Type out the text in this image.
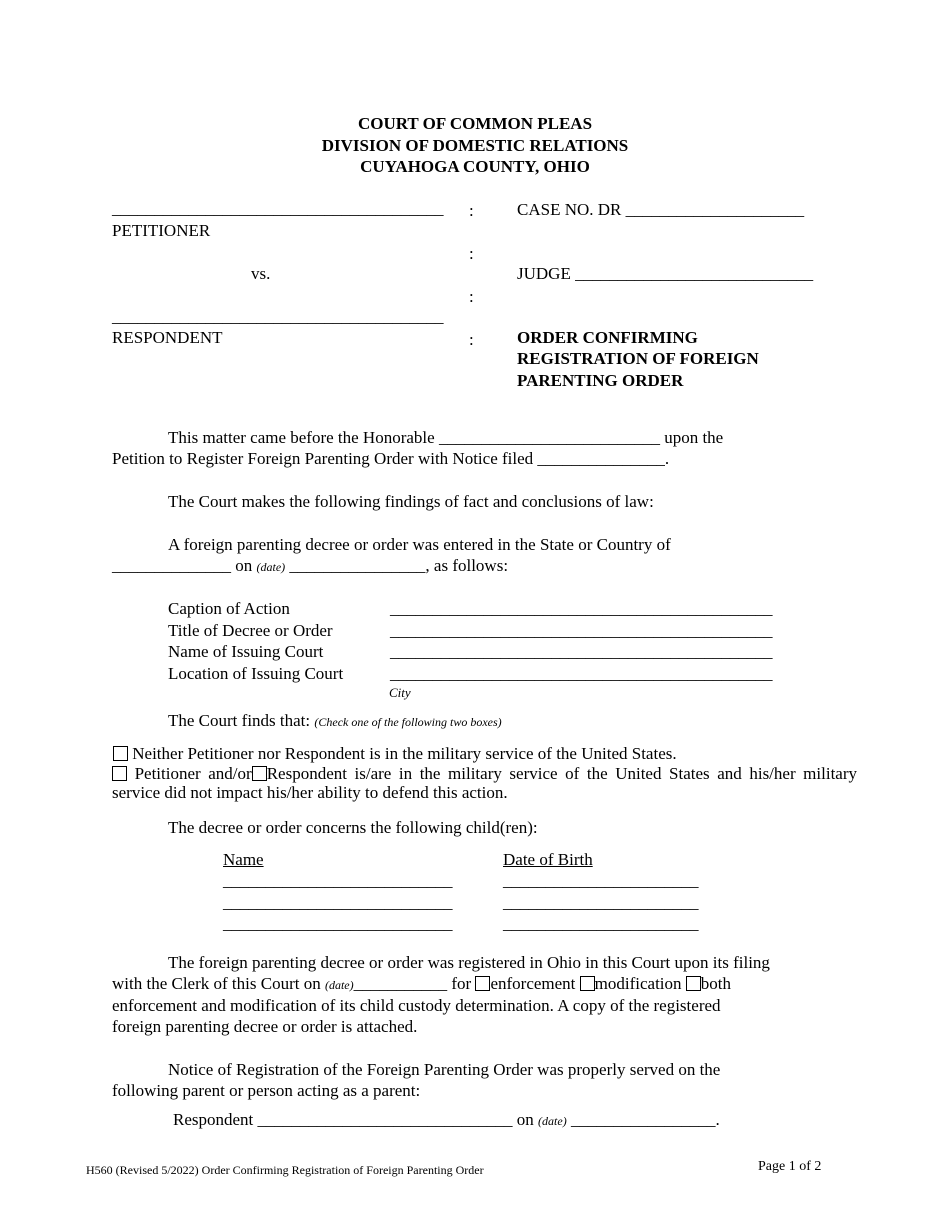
COURT OF COMMON PLEAS
DIVISION OF DOMESTIC RELATIONS
CUYAHOGA COUNTY, OHIO
_______________________________________
PETITIONER
vs.
_______________________________________
RESPONDENT
:
:
:
:
CASE NO. DR _____________________
JUDGE ____________________________
ORDER CONFIRMING
REGISTRATION OF FOREIGN
PARENTING ORDER
This matter came before the Honorable __________________________ upon the
Petition to Register Foreign Parenting Order with Notice filed _______________.
The Court makes the following findings of fact and conclusions of law:
A foreign parenting decree or order was entered in the State or Country of
______________ on (date) ________________, as follows:
Caption of Action	_____________________________________________
Title of Decree or Order	_____________________________________________
Name of Issuing Court	_____________________________________________
Location of Issuing Court	_____________________________________________
City
The Court finds that: (Check one of the following two boxes)
Neither Petitioner nor Respondent is in the military service of the United States.
Petitioner and/or Respondent is/are in the military service of the United States and his/her military
service did not impact his/her ability to defend this action.
The decree or order concerns the following child(ren):
Name	Date of Birth
___________________________	_______________________
___________________________	_______________________
___________________________	_______________________
The foreign parenting decree or order was registered in Ohio in this Court upon its filing
with the Clerk of this Court on (date)___________ for enforcement modification both
enforcement and modification of its child custody determination. A copy of the registered
foreign parenting decree or order is attached.
Notice of Registration of the Foreign Parenting Order was properly served on the
following parent or person acting as a parent:
Respondent ______________________________ on (date) _________________.
H560 (Revised 5/2022) Order Confirming Registration of Foreign Parenting Order	Page 1 of 2
